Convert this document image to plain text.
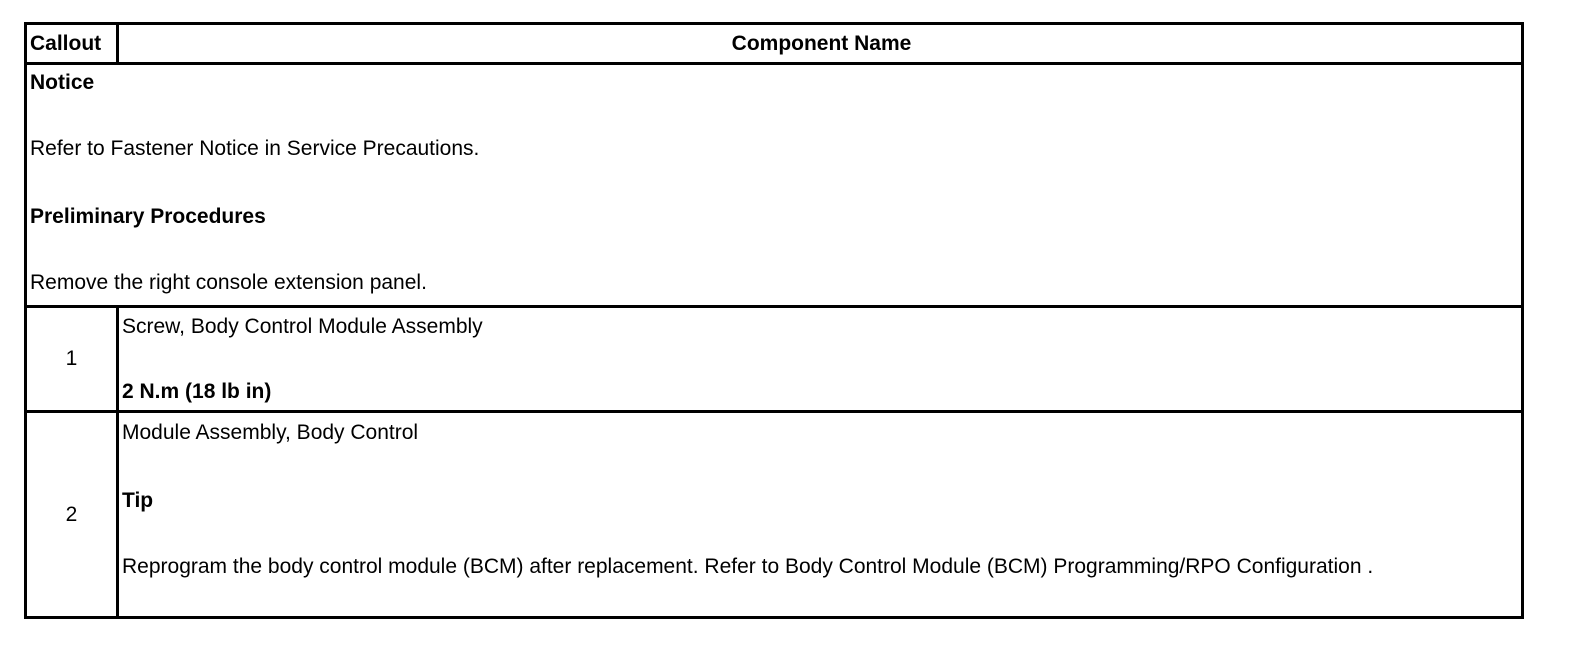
Callout	Component Name
Notice
Refer to Fastener Notice in Service Precautions.
Preliminary Procedures
Remove the right console extension panel.
1
Screw, Body Control Module Assembly
2 N.m (18 lb in)
2
Module Assembly, Body Control
Tip
Reprogram the body control module (BCM) after replacement. Refer to Body Control Module (BCM) Programming/RPO Configuration .
